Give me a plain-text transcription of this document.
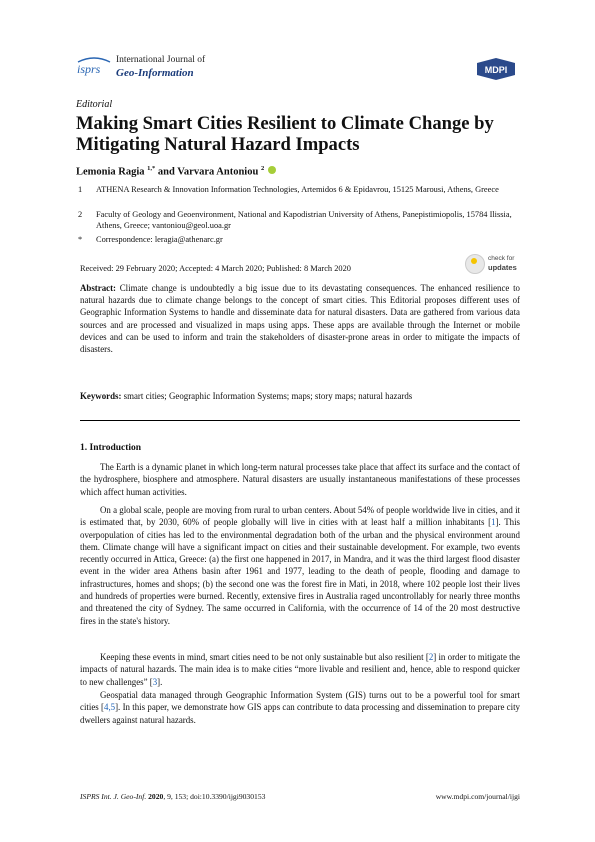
isprs
International Journal of
Geo-Information	MDPI
Editorial
Making Smart Cities Resilient to Climate Change by Mitigating Natural Hazard Impacts
Lemonia Ragia $^{1,*}$ and Varvara Antoniou $^2$
1	ATHENA Research & Innovation Information Technologies, Artemidos 6 & Epidavrou, 15125 Marousi, Athens, Greece
2	Faculty of Geology and Geoenvironment, National and Kapodistrian University of Athens, Panepistimiopolis, 15784 Ilissia, Athens, Greece; vantoniou@geol.uoa.gr
*	Correspondence: leragia@athenarc.gr
Received: 29 February 2020; Accepted: 4 March 2020; Published: 8 March 2020
check for
updates
Abstract: Climate change is undoubtedly a big issue due to its devastating consequences. The enhanced resilience to natural hazards due to climate change belongs to the concept of smart cities. This Editorial proposes different uses of Geographic Information Systems to handle and disseminate data for natural disasters. Data are gathered from various data sources and are processed and visualized in maps using apps. These apps are available through the Internet or mobile devices and can be used to inform and train the stakeholders of disaster-prone areas in order to mitigate the impacts of disasters.
Keywords: smart cities; Geographic Information Systems; maps; story maps; natural hazards
1. Introduction
The Earth is a dynamic planet in which long-term natural processes take place that affect its surface and the contact of the hydrosphere, biosphere and atmosphere. Natural disasters are usually instantaneous manifestations of these processes which affect human activities.
On a global scale, people are moving from rural to urban centers. About 54% of people worldwide live in cities, and it is estimated that, by 2030, 60% of people globally will live in cities with at least half a million inhabitants [1]. This overpopulation of cities has led to the environmental degradation both of the urban and the physical environment around them. Climate change will have a significant impact on cities and their sustainable development. For example, two events recently occurred in Attica, Greece: (a) the first one happened in 2017, in Mandra, and it was the third largest flood disaster event in the wider area Athens basin after 1961 and 1977, leading to the death of people, flooding and damage to infrastructures, homes and shops; (b) the second one was the forest fire in Mati, in 2018, where 102 people lost their lives and hundreds of properties were burned. Recently, extensive fires in Australia raged uncontrollably for nearly three months and threatened the city of Sydney. The same occurred in California, with the occurrence of 14 of the 20 most destructive fires in the state's history.
Keeping these events in mind, smart cities need to be not only sustainable but also resilient [2] in order to mitigate the impacts of natural hazards. The main idea is to make cities “more livable and resilient and, hence, able to respond quicker to new challenges” [3].
Geospatial data managed through Geographic Information System (GIS) turns out to be a powerful tool for smart cities [4,5]. In this paper, we demonstrate how GIS apps can contribute to data processing and dissemination to prepare city dwellers against natural hazards.
ISPRS Int. J. Geo-Inf. 2020, 9, 153; doi:10.3390/ijgi9030153	www.mdpi.com/journal/ijgi
